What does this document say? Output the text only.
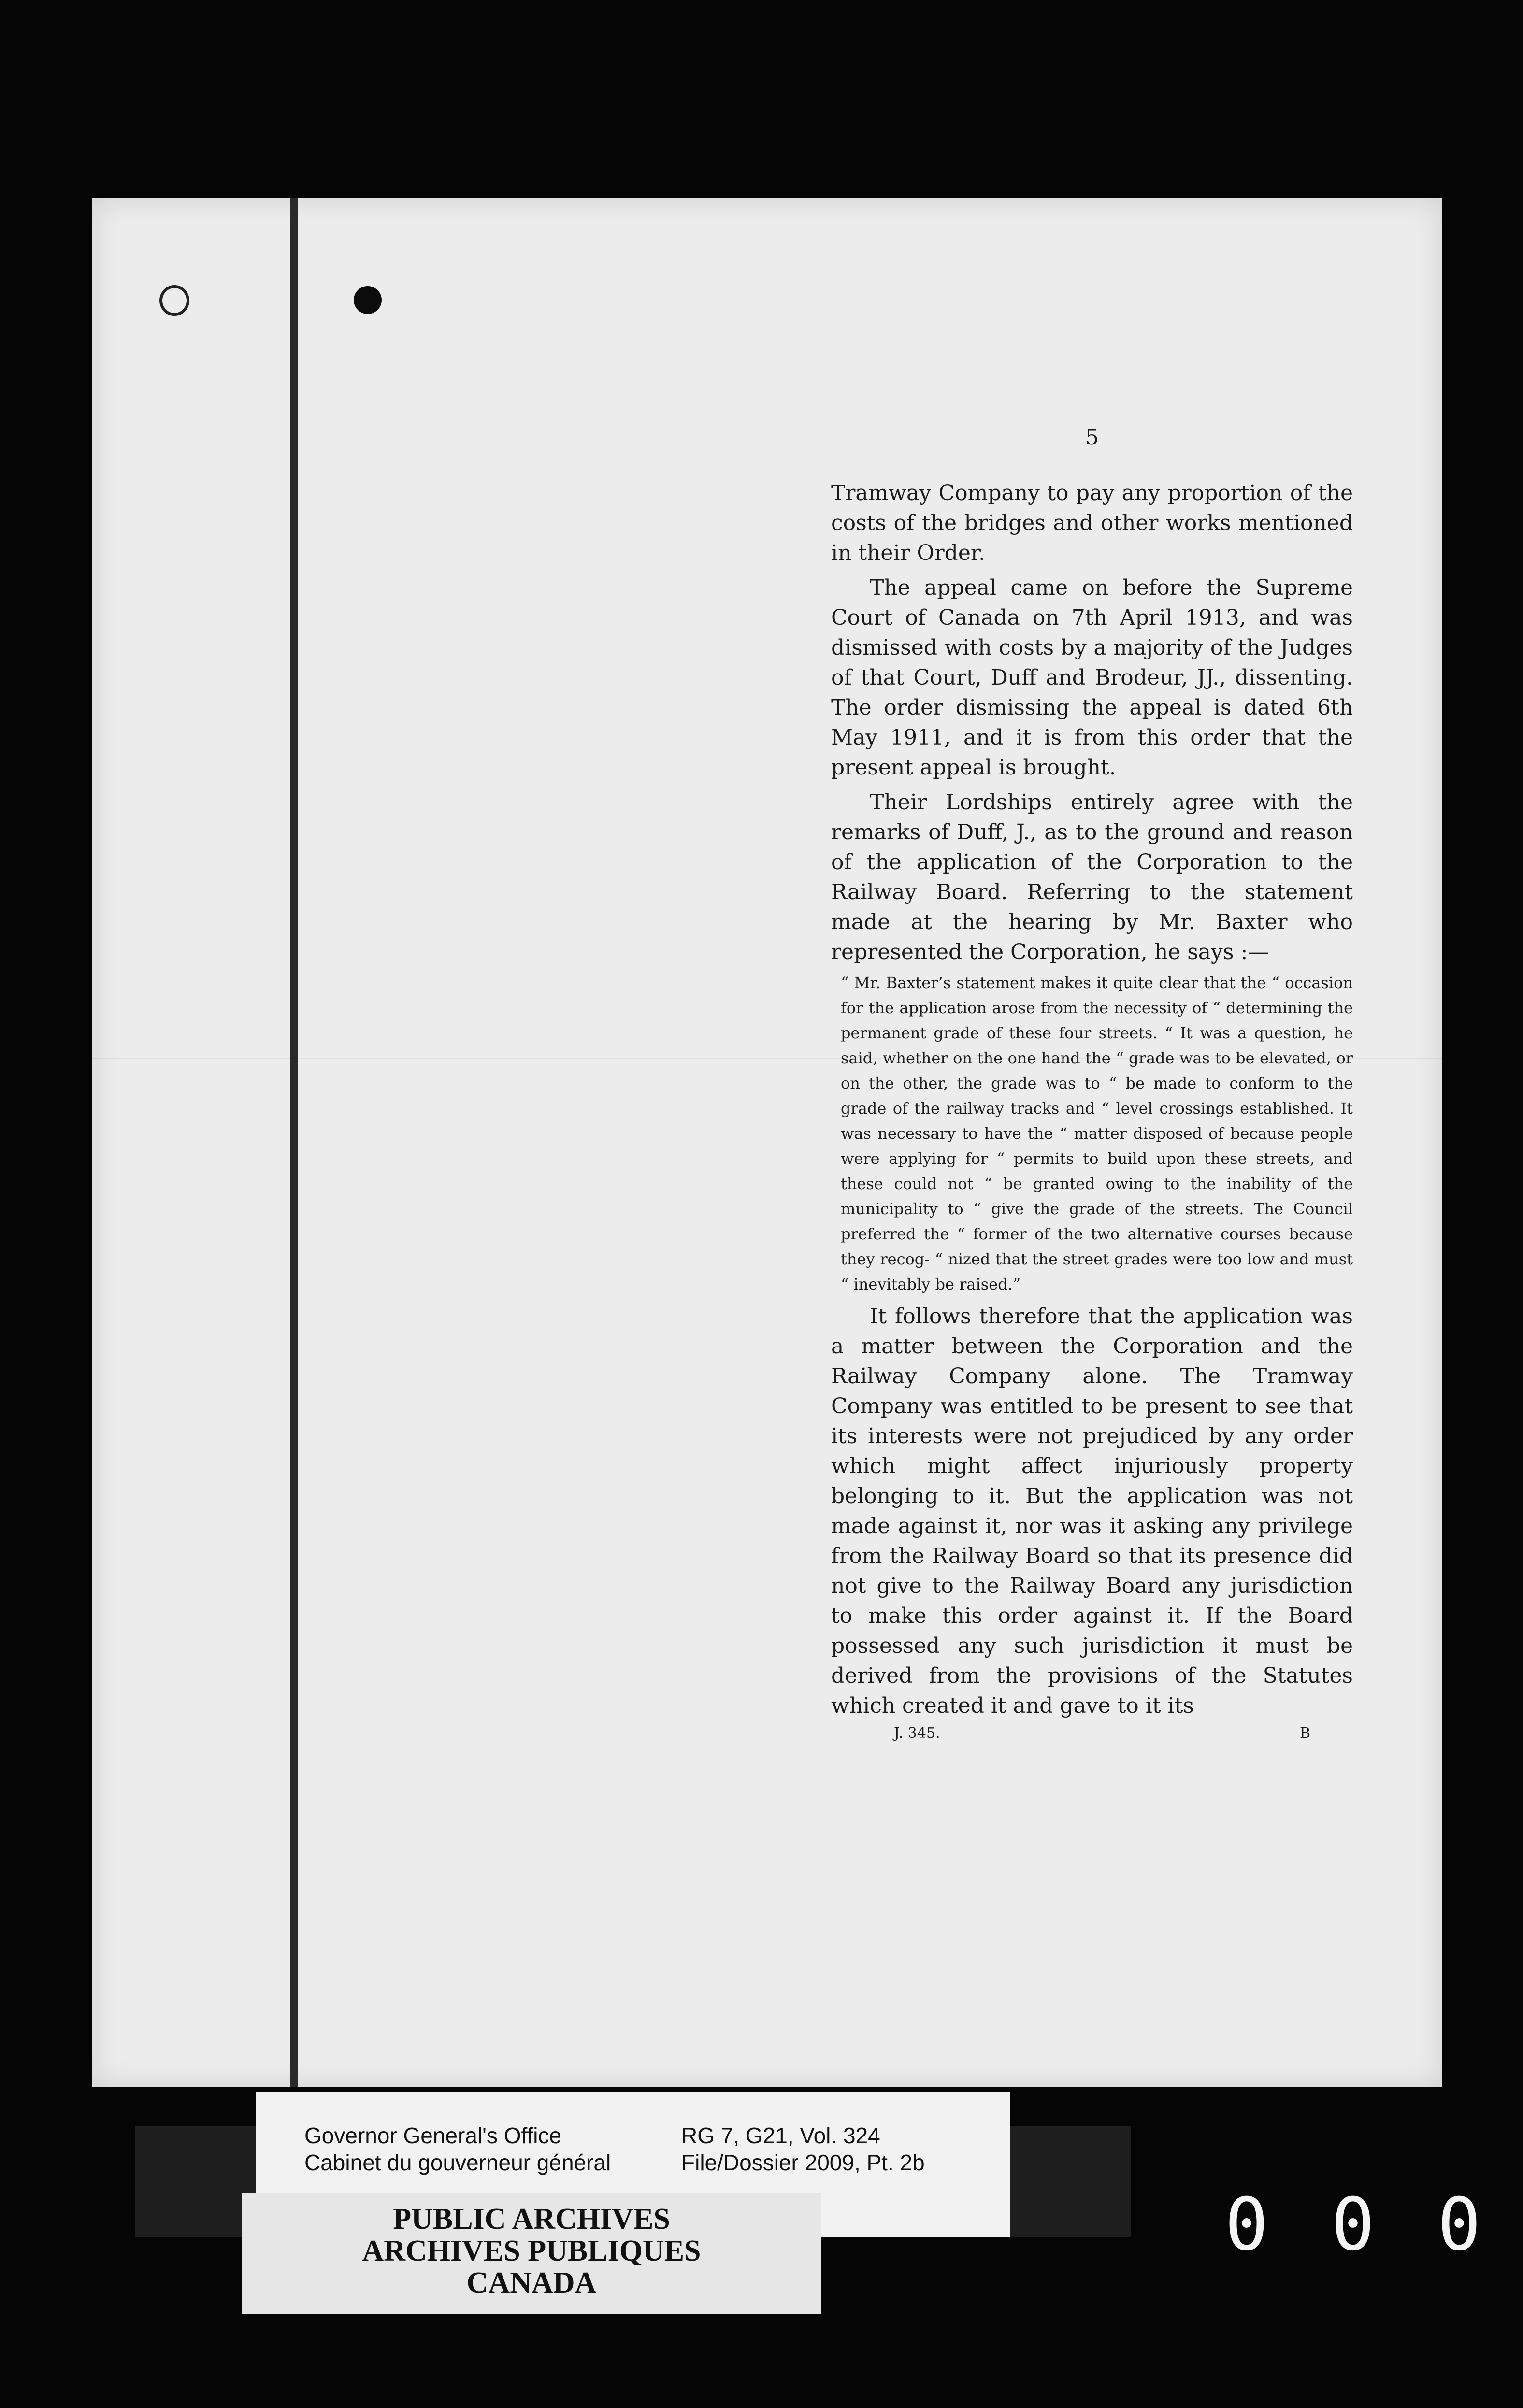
5

Tramway Company to pay any proportion of the costs of the bridges and other works mentioned in their Order.

The appeal came on before the Supreme Court of Canada on 7th April 1913, and was dismissed with costs by a majority of the Judges of that Court, Duff and Brodeur, JJ., dissenting. The order dismissing the appeal is dated 6th May 1911, and it is from this order that the present appeal is brought.

Their Lordships entirely agree with the remarks of Duff, J., as to the ground and reason of the application of the Corporation to the Railway Board. Referring to the statement made at the hearing by Mr. Baxter who represented the Corporation, he says :—

“ Mr. Baxter’s statement makes it quite clear that the “ occasion for the application arose from the necessity of “ determining the permanent grade of these four streets. “ It was a question, he said, whether on the one hand the “ grade was to be elevated, or on the other, the grade was to “ be made to conform to the grade of the railway tracks and “ level crossings established. It was necessary to have the “ matter disposed of because people were applying for “ permits to build upon these streets, and these could not “ be granted owing to the inability of the municipality to “ give the grade of the streets. The Council preferred the “ former of the two alternative courses because they recog- “ nized that the street grades were too low and must “ inevitably be raised.”

It follows therefore that the application was a matter between the Corporation and the Railway Company alone. The Tramway Company was entitled to be present to see that its interests were not prejudiced by any order which might affect injuriously property belonging to it. But the application was not made against it, nor was it asking any privilege from the Railway Board so that its presence did not give to the Railway Board any jurisdiction to make this order against it. If the Board possessed any such jurisdiction it must be derived from the provisions of the Statutes which created it and gave to it its

J. 345.	B
Governor General's Office
Cabinet du gouverneur général
RG 7, G21, Vol. 324
File/Dossier 2009, Pt. 2b
PUBLIC ARCHIVES
ARCHIVES PUBLIQUES
CANADA
0 0 0
